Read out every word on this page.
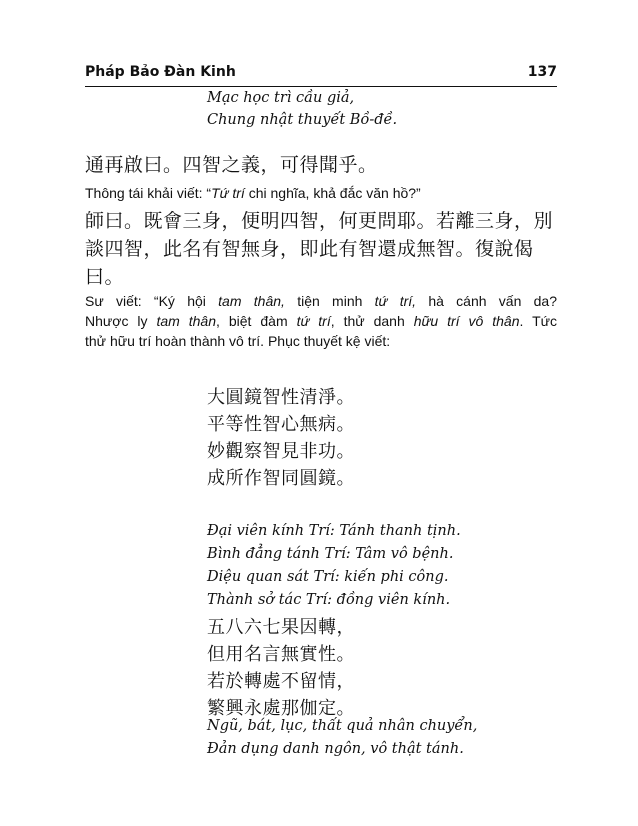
Pháp Bảo Đàn Kinh	137
Mạc học trì cầu giả,
Chung nhật thuyết Bồ-đề.
通再啟曰。四智之義，可得聞乎。
Thông tái khải viết: “Tứ trí chi nghĩa, khả đắc văn hồ?”
師曰。既會三身，便明四智，何更問耶。若離三身，別
談四智，此名有智無身，即此有智還成無智。復說偈
曰。
Sư viết: “Ký hội tam thân, tiện minh tứ trí, hà cánh vấn da?
Nhược ly tam thân, biệt đàm tứ trí, thử danh hữu trí vô thân. Tức
thử hữu trí hoàn thành vô trí. Phục thuyết kệ viết:
大圓鏡智性清淨。
平等性智心無病。
妙觀察智見非功。
成所作智同圓鏡。
Đại viên kính Trí: Tánh thanh tịnh.
Bình đẳng tánh Trí: Tâm vô bệnh.
Diệu quan sát Trí: kiến phi công.
Thành sở tác Trí: đồng viên kính.
五八六七果因轉，
但用名言無實性。
若於轉處不留情，
繁興永處那伽定。
Ngũ, bát, lục, thất quả nhân chuyển,
Đản dụng danh ngôn, vô thật tánh.
